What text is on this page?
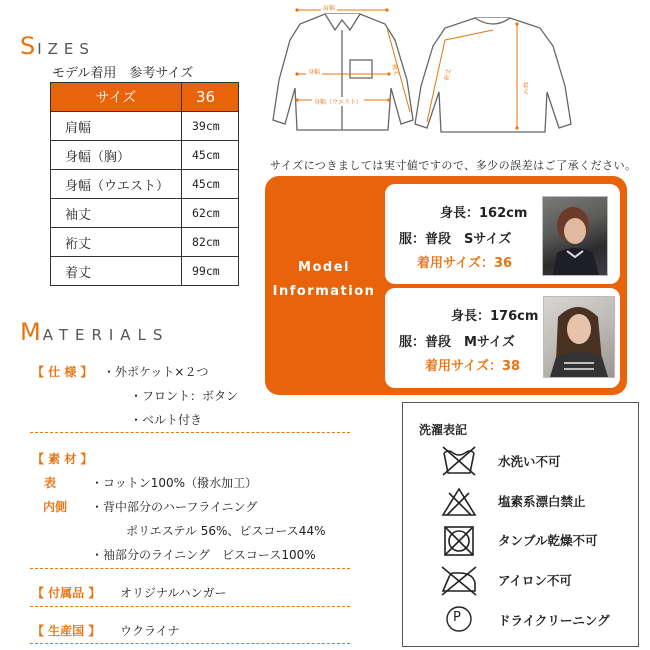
SIZES
モデル着用　参考サイズ
サイズ	36
肩幅	39cm
身幅（胸）	45cm
身幅（ウエスト）	45cm
袖丈	62cm
裄丈	82cm
着丈	99cm
肩幅
身幅
身幅（ウエスト）
袖丈	裄丈
着丈
サイズにつきましては実寸値ですので、多少の誤差はご了承ください。
Model
Information
身長：162cm
服：普段　Sサイズ
着用サイズ：36
身長：176cm
服：普段　Mサイズ
着用サイズ：38
MATERIALS
【 仕 様 】 ・外ポケット×２つ
・フロント：ボタン
・ベルト付き
【 素 材 】
表	・コットン100%（撥水加工）
内側 ・背中部分のハーフライニング
ポリエステル 56%、ビスコース44%
・袖部分のライニング　ビスコース100%
【 付属品 】 オリジナルハンガー
【 生産国 】 ウクライナ
洗濯表記
水洗い不可
塩素系漂白禁止
タンブル乾燥不可
アイロン不可
P	ドライクリーニング
